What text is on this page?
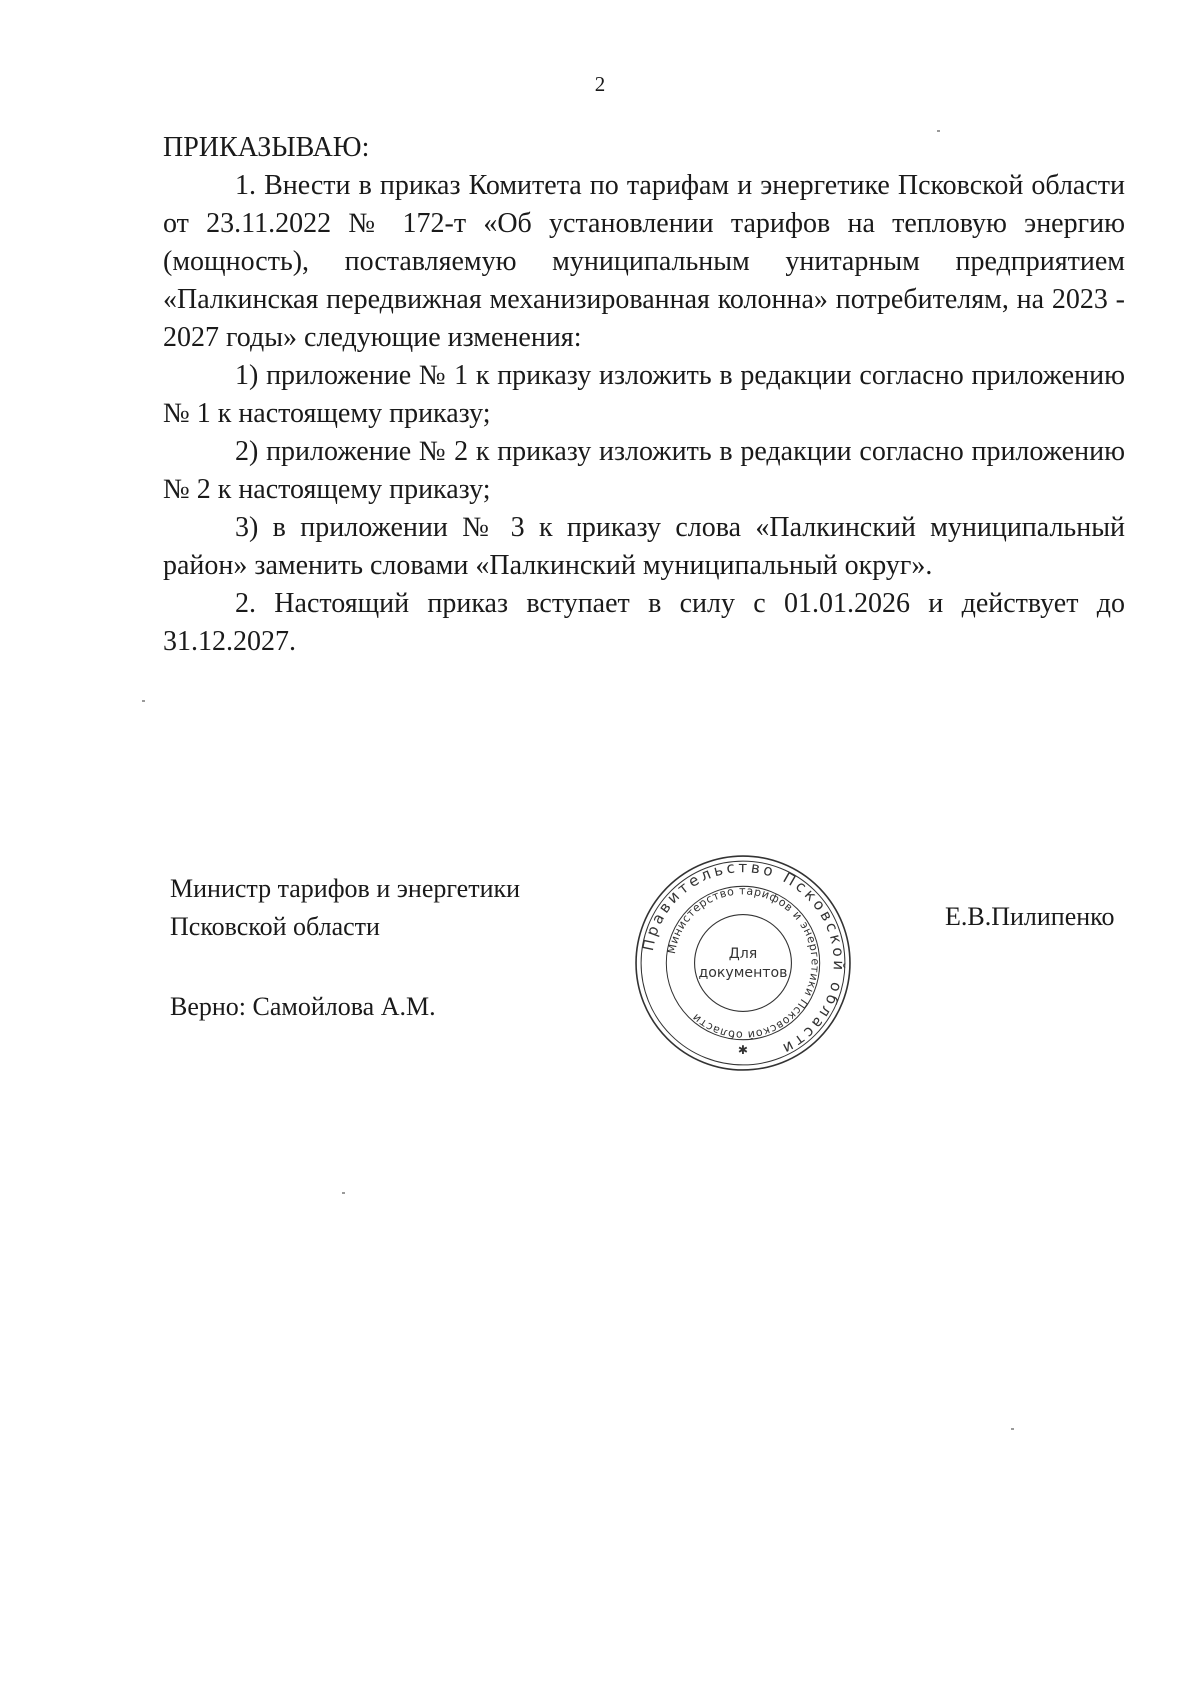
2

ПРИКАЗЫВАЮ:

1. Внести в приказ Комитета по тарифам и энергетике Псковской области от 23.11.2022 № 172-т «Об установлении тарифов на тепловую энергию (мощность), поставляемую муниципальным унитарным предприятием «Палкинская передвижная механизированная колонна» потребителям, на 2023 - 2027 годы» следующие изменения:

1) приложение № 1 к приказу изложить в редакции согласно приложению № 1 к настоящему приказу;

2) приложение № 2 к приказу изложить в редакции согласно приложению № 2 к настоящему приказу;

3) в приложении № 3 к приказу слова «Палкинский муниципальный район» заменить словами «Палкинский муниципальный округ».

2. Настоящий приказ вступает в силу с 01.01.2026 и действует до 31.12.2027.

Министр тарифов и энергетики
Псковской области
Верно: Самойлова А.М.
Е.В.Пилипенко
Правительство Псковской области
Министерство тарифов и энергетики Псковской области
Для
документов
✱
